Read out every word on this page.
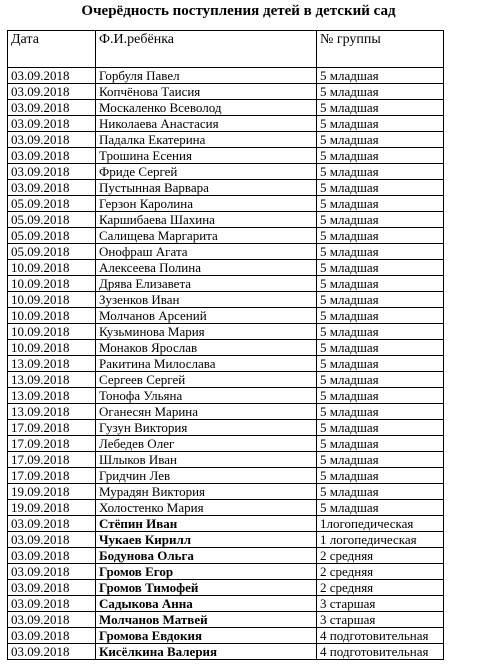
Очерёдность поступления детей в детский сад
Дата	Ф.И.ребёнка	№ группы
03.09.2018	Горбуля Павел	5 младшая
03.09.2018	Копчёнова Таисия	5 младшая
03.09.2018	Москаленко Всеволод	5 младшая
03.09.2018	Николаева Анастасия	5 младшая
03.09.2018	Падалка Екатерина	5 младшая
03.09.2018	Трошина Есения	5 младшая
03.09.2018	Фриде Сергей	5 младшая
03.09.2018	Пустынная Варвара	5 младшая
05.09.2018	Герзон Каролина	5 младшая
05.09.2018	Каршибаева Шахина	5 младшая
05.09.2018	Салищева Маргарита	5 младшая
05.09.2018	Онофраш Агата	5 младшая
10.09.2018	Алексеева Полина	5 младшая
10.09.2018	Дрява Елизавета	5 младшая
10.09.2018	Зузенков Иван	5 младшая
10.09.2018	Молчанов Арсений	5 младшая
10.09.2018	Кузьминова Мария	5 младшая
10.09.2018	Монаков Ярослав	5 младшая
13.09.2018	Ракитина Милослава	5 младшая
13.09.2018	Сергеев Сергей	5 младшая
13.09.2018	Тонофа Ульяна	5 младшая
13.09.2018	Оганесян Марина	5 младшая
17.09.2018	Гузун Виктория	5 младшая
17.09.2018	Лебедев Олег	5 младшая
17.09.2018	Шлыков Иван	5 младшая
17.09.2018	Гридчин Лев	5 младшая
19.09.2018	Мурадян Виктория	5 младшая
19.09.2018	Холостенко Мария	5 младшая
03.09.2018	Стёпин Иван	1логопедическая
03.09.2018	Чукаев Кирилл	1 логопедическая
03.09.2018	Бодунова Ольга	2 средняя
03.09.2018	Громов Егор	2 средняя
03.09.2018	Громов Тимофей	2 средняя
03.09.2018	Садыкова Анна	3 старшая
03.09.2018	Молчанов Матвей	3 старшая
03.09.2018	Громова Евдокия	4 подготовительная
03.09.2018	Кисёлкина Валерия	4 подготовительная
